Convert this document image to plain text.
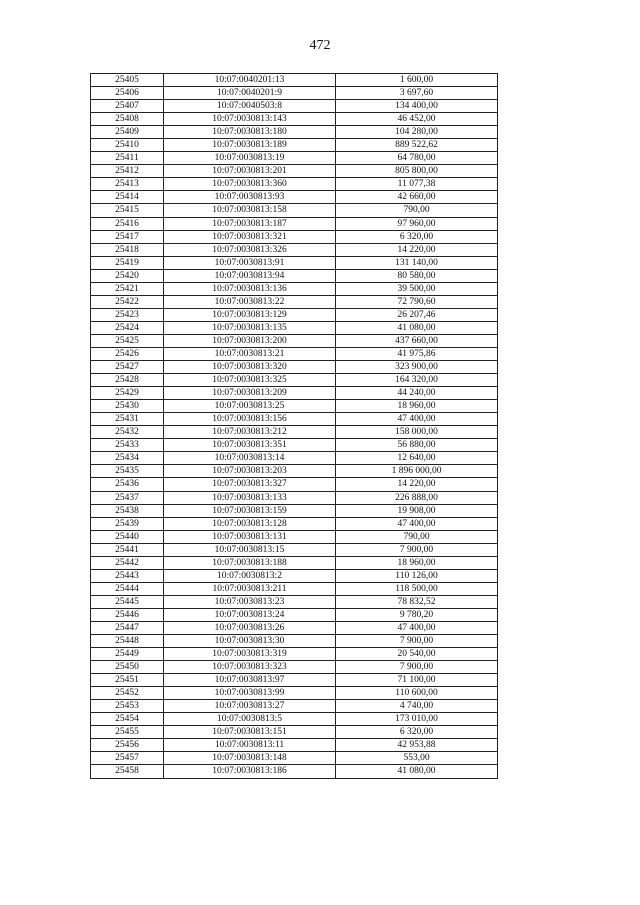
472
25405	10:07:0040201:13	1 600,00
25406	10:07:0040201:9	3 697,60
25407	10:07:0040503:8	134 400,00
25408	10:07:0030813:143	46 452,00
25409	10:07:0030813:180	104 280,00
25410	10:07:0030813:189	889 522,62
25411	10:07:0030813:19	64 780,00
25412	10:07:0030813:201	805 800,00
25413	10:07:0030813:360	11 077,38
25414	10:07:0030813:93	42 660,00
25415	10:07:0030813:158	790,00
25416	10:07:0030813:187	97 960,00
25417	10:07:0030813:321	6 320,00
25418	10:07:0030813:326	14 220,00
25419	10:07:0030813:91	131 140,00
25420	10:07:0030813:94	80 580,00
25421	10:07:0030813:136	39 500,00
25422	10:07:0030813:22	72 790,60
25423	10:07:0030813:129	26 207,46
25424	10:07:0030813:135	41 080,00
25425	10:07:0030813:200	437 660,00
25426	10:07:0030813:21	41 975,86
25427	10:07:0030813:320	323 900,00
25428	10:07:0030813:325	164 320,00
25429	10:07:0030813:209	44 240,00
25430	10:07:0030813:25	18 960,00
25431	10:07:0030813:156	47 400,00
25432	10:07:0030813:212	158 000,00
25433	10:07:0030813:351	56 880,00
25434	10:07:0030813:14	12 640,00
25435	10:07:0030813:203	1 896 000,00
25436	10:07:0030813:327	14 220,00
25437	10:07:0030813:133	226 888,00
25438	10:07:0030813:159	19 908,00
25439	10:07:0030813:128	47 400,00
25440	10:07:0030813:131	790,00
25441	10:07:0030813:15	7 900,00
25442	10:07:0030813:188	18 960,00
25443	10:07:0030813:2	110 126,00
25444	10:07:0030813:211	118 500,00
25445	10:07:0030813:23	78 832,52
25446	10:07:0030813:24	9 780,20
25447	10:07:0030813:26	47 400,00
25448	10:07:0030813:30	7 900,00
25449	10:07:0030813:319	20 540,00
25450	10:07:0030813:323	7 900,00
25451	10:07:0030813:97	71 100,00
25452	10:07:0030813:99	110 600,00
25453	10:07:0030813:27	4 740,00
25454	10:07:0030813:5	173 010,00
25455	10:07:0030813:151	6 320,00
25456	10:07:0030813:11	42 953,88
25457	10:07:0030813:148	553,00
25458	10:07:0030813:186	41 080,00
